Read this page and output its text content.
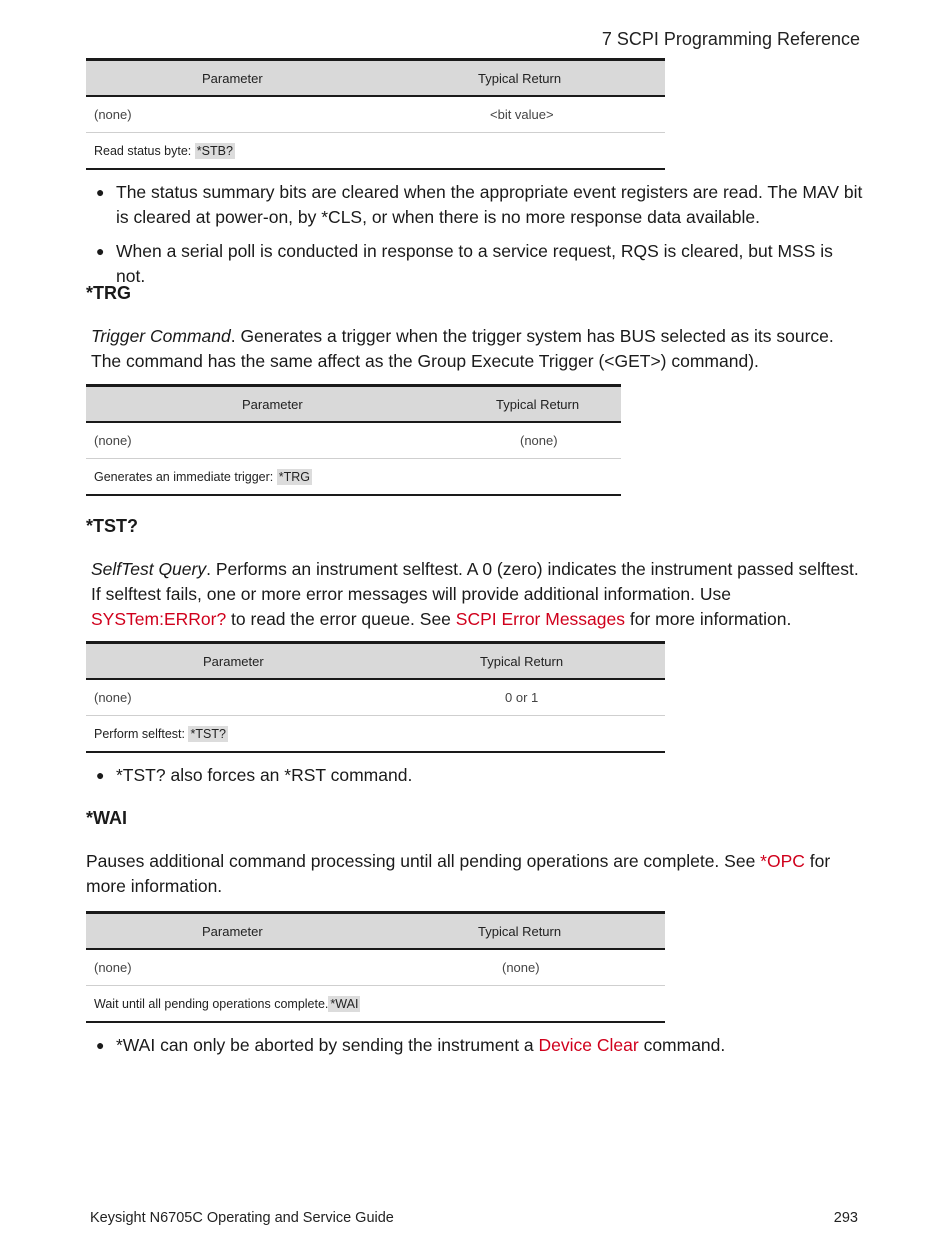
7 SCPI Programming Reference
Parameter	Typical Return
(none)	<bit value>
Read status byte: *STB?
● The status summary bits are cleared when the appropriate event registers are read. The MAV bit is cleared at power-on, by *CLS, or when there is no more response data available.
● When a serial poll is conducted in response to a service request, RQS is cleared, but MSS is not.
*TRG
Trigger Command. Generates a trigger when the trigger system has BUS selected as its source. The command has the same affect as the Group Execute Trigger (<GET>) command).
Parameter	Typical Return
(none)	(none)
Generates an immediate trigger: *TRG
*TST?
SelfTest Query. Performs an instrument selftest. A 0 (zero) indicates the instrument passed selftest. If selftest fails, one or more error messages will provide additional information. Use SYSTem:ERRor? to read the error queue. See SCPI Error Messages for more information.
Parameter	Typical Return
(none)	0 or 1
Perform selftest: *TST?
● *TST? also forces an *RST command.
*WAI
Pauses additional command processing until all pending operations are complete. See *OPC for more information.
Parameter	Typical Return
(none)	(none)
Wait until all pending operations complete. *WAI
● *WAI can only be aborted by sending the instrument a Device Clear command.
Keysight N6705C Operating and Service Guide	293
